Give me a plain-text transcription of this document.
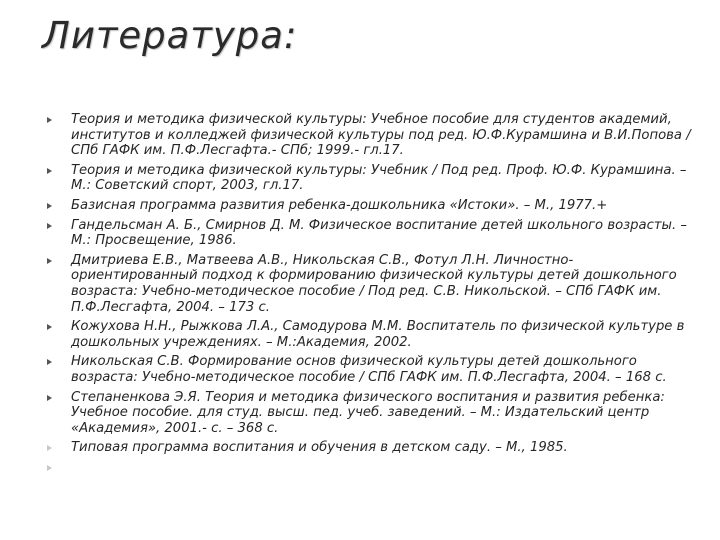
Литература:
Теория и методика физической культуры: Учебное пособие для студентов академий, институтов и колледжей физической культуры под ред. Ю.Ф.Курамшина и В.И.Попова / СПб ГАФК им. П.Ф.Лесгафта.- СПб; 1999.- гл.17.
Теория и методика физической культуры: Учебник / Под ред. Проф. Ю.Ф. Курамшина. – М.: Советский спорт, 2003, гл.17.
Базисная программа развития ребенка-дошкольника «Истоки». – М., 1977.+
Гандельсман А. Б., Смирнов Д. М. Физическое воспитание детей школьного возрасты. – М.: Просвещение, 1986.
Дмитриева Е.В., Матвеева А.В., Никольская С.В., Фотул Л.Н. Личностно-ориентированный подход к формированию физической культуры детей дошкольного возраста: Учебно-методическое пособие / Под ред. С.В. Никольской. – СПб ГАФК им. П.Ф.Лесгафта, 2004. – 173 с.
Кожухова Н.Н., Рыжкова Л.А., Самодурова М.М. Воспитатель по физической культуре в дошкольных учреждениях. – М.:Академия, 2002.
Никольская С.В. Формирование основ физической культуры детей дошкольного возраста: Учебно-методическое пособие / СПб ГАФК им. П.Ф.Лесгафта, 2004. – 168 с.
Степаненкова Э.Я. Теория и методика физического воспитания и развития ребенка: Учебное пособие. для студ. высш. пед. учеб. заведений. – М.: Издательский центр «Академия», 2001.- с. – 368 с.
Типовая программа воспитания и обучения в детском саду. – М., 1985.
